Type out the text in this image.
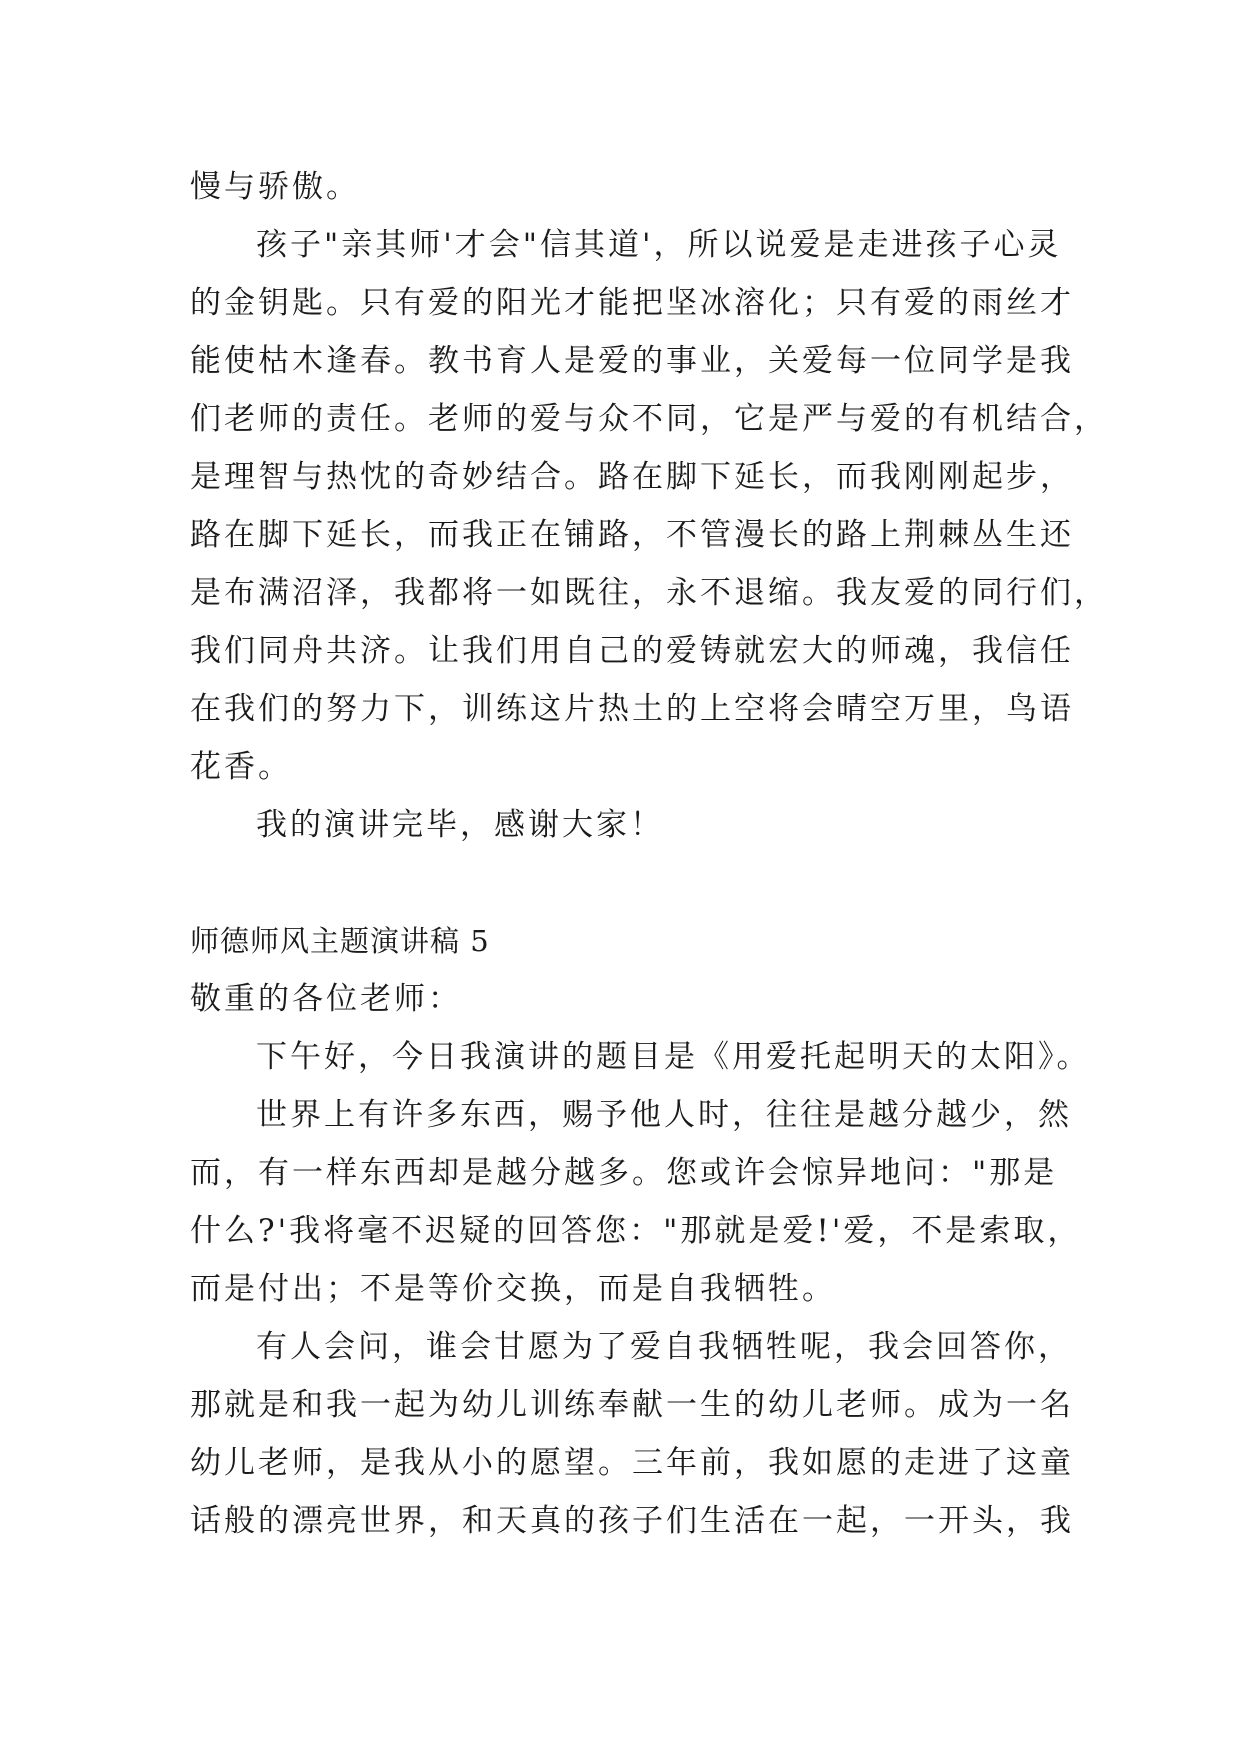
慢与骄傲。
孩子"亲其师'才会"信其道'，所以说爱是走进孩子心灵
的金钥匙。只有爱的阳光才能把坚冰溶化；只有爱的雨丝才
能使枯木逢春。教书育人是爱的事业，关爱每一位同学是我
们老师的责任。老师的爱与众不同，它是严与爱的有机结合，
是理智与热忱的奇妙结合。路在脚下延长，而我刚刚起步，
路在脚下延长，而我正在铺路，不管漫长的路上荆棘丛生还
是布满沼泽，我都将一如既往，永不退缩。我友爱的同行们，
我们同舟共济。让我们用自己的爱铸就宏大的师魂，我信任
在我们的努力下，训练这片热土的上空将会晴空万里，鸟语
花香。
我的演讲完毕，感谢大家！
师德师风主题演讲稿 5
敬重的各位老师：
下午好，今日我演讲的题目是《用爱托起明天的太阳》。
世界上有许多东西，赐予他人时，往往是越分越少，然
而，有一样东西却是越分越多。您或许会惊异地问："那是
什么?'我将毫不迟疑的回答您："那就是爱!'爱，不是索取，
而是付出；不是等价交换，而是自我牺牲。
有人会问，谁会甘愿为了爱自我牺牲呢，我会回答你，
那就是和我一起为幼儿训练奉献一生的幼儿老师。成为一名
幼儿老师，是我从小的愿望。三年前，我如愿的走进了这童
话般的漂亮世界，和天真的孩子们生活在一起，一开头，我
